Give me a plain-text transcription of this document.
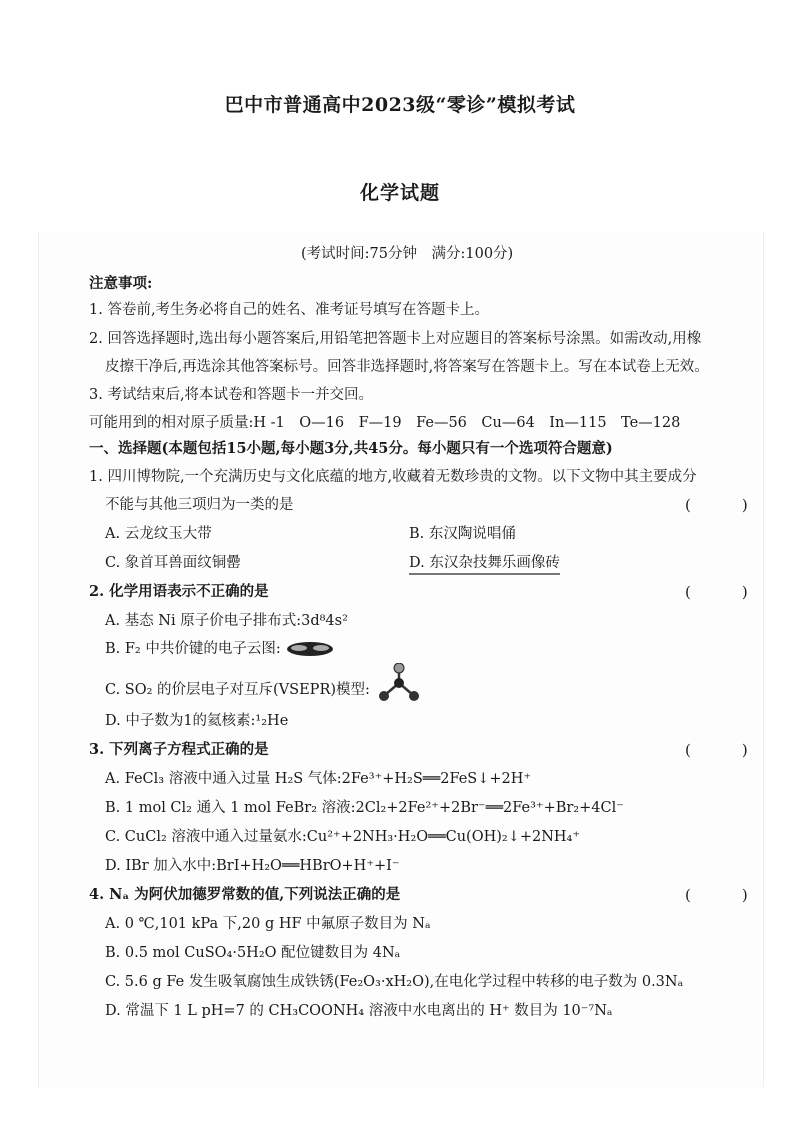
巴中市普通高中2023级“零诊”模拟考试
化学试题
(考试时间:75分钟　满分:100分)
注意事项:
1. 答卷前,考生务必将自己的姓名、准考证号填写在答题卡上。
2. 回答选择题时,选出每小题答案后,用铅笔把答题卡上对应题目的答案标号涂黑。如需改动,用橡
皮擦干净后,再选涂其他答案标号。回答非选择题时,将答案写在答题卡上。写在本试卷上无效。
3. 考试结束后,将本试卷和答题卡一并交回。
可能用到的相对原子质量:H -1　O—16　F—19　Fe—56　Cu—64　In—115　Te—128
一、选择题(本题包括15小题,每小题3分,共45分。每小题只有一个选项符合题意)
1. 四川博物院,一个充满历史与文化底蕴的地方,收藏着无数珍贵的文物。以下文物中其主要成分
不能与其他三项归为一类的是	(　)
A. 云龙纹玉大带	B. 东汉陶说唱俑
C. 象首耳兽面纹铜罍	D. 东汉杂技舞乐画像砖
2. 化学用语表示不正确的是	(　)
A. 基态 Ni 原子价电子排布式:3d⁸4s²
B. F₂ 中共价键的电子云图:
C. SO₂ 的价层电子对互斥(VSEPR)模型:
D. 中子数为1的氦核素:¹₂He
3. 下列离子方程式正确的是	(　)
A. FeCl₃ 溶液中通入过量 H₂S 气体:2Fe³⁺+H₂S══2FeS↓+2H⁺
B. 1 mol Cl₂ 通入 1 mol FeBr₂ 溶液:2Cl₂+2Fe²⁺+2Br⁻══2Fe³⁺+Br₂+4Cl⁻
C. CuCl₂ 溶液中通入过量氨水:Cu²⁺+2NH₃·H₂O══Cu(OH)₂↓+2NH₄⁺
D. IBr 加入水中:BrI+H₂O══HBrO+H⁺+I⁻
4. Nₐ 为阿伏加德罗常数的值,下列说法正确的是	(　)
A. 0 ℃,101 kPa 下,20 g HF 中氟原子数目为 Nₐ
B. 0.5 mol CuSO₄·5H₂O 配位键数目为 4Nₐ
C. 5.6 g Fe 发生吸氧腐蚀生成铁锈(Fe₂O₃·xH₂O),在电化学过程中转移的电子数为 0.3Nₐ
D. 常温下 1 L pH=7 的 CH₃COONH₄ 溶液中水电离出的 H⁺ 数目为 10⁻⁷Nₐ
